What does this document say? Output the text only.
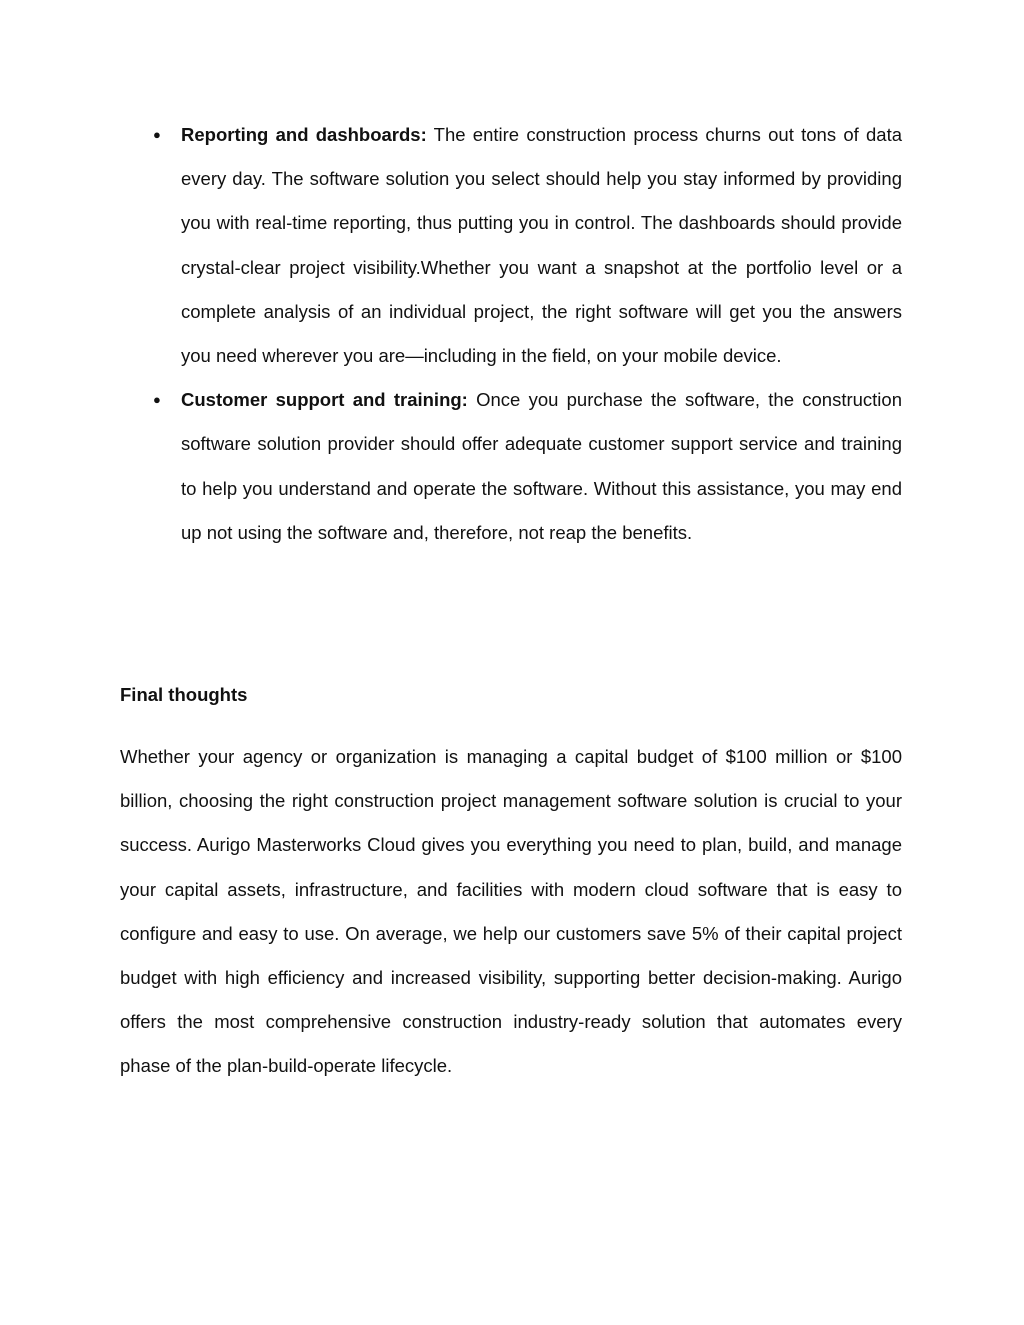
● Reporting and dashboards: The entire construction process churns out tons of data every day. The software solution you select should help you stay informed by providing you with real-time reporting, thus putting you in control. The dashboards should provide crystal-clear project visibility.Whether you want a snapshot at the portfolio level or a complete analysis of an individual project, the right software will get you the answers you need wherever you are—including in the field, on your mobile device.
● Customer support and training: Once you purchase the software, the construction software solution provider should offer adequate customer support service and training to help you understand and operate the software. Without this assistance, you may end up not using the software and, therefore, not reap the benefits.
Final thoughts

Whether your agency or organization is managing a capital budget of $100 million or $100 billion, choosing the right construction project management software solution is crucial to your success. Aurigo Masterworks Cloud gives you everything you need to plan, build, and manage your capital assets, infrastructure, and facilities with modern cloud software that is easy to configure and easy to use. On average, we help our customers save 5% of their capital project budget with high efficiency and increased visibility, supporting better decision-making. Aurigo offers the most comprehensive construction industry-ready solution that automates every phase of the plan-build-operate lifecycle.
